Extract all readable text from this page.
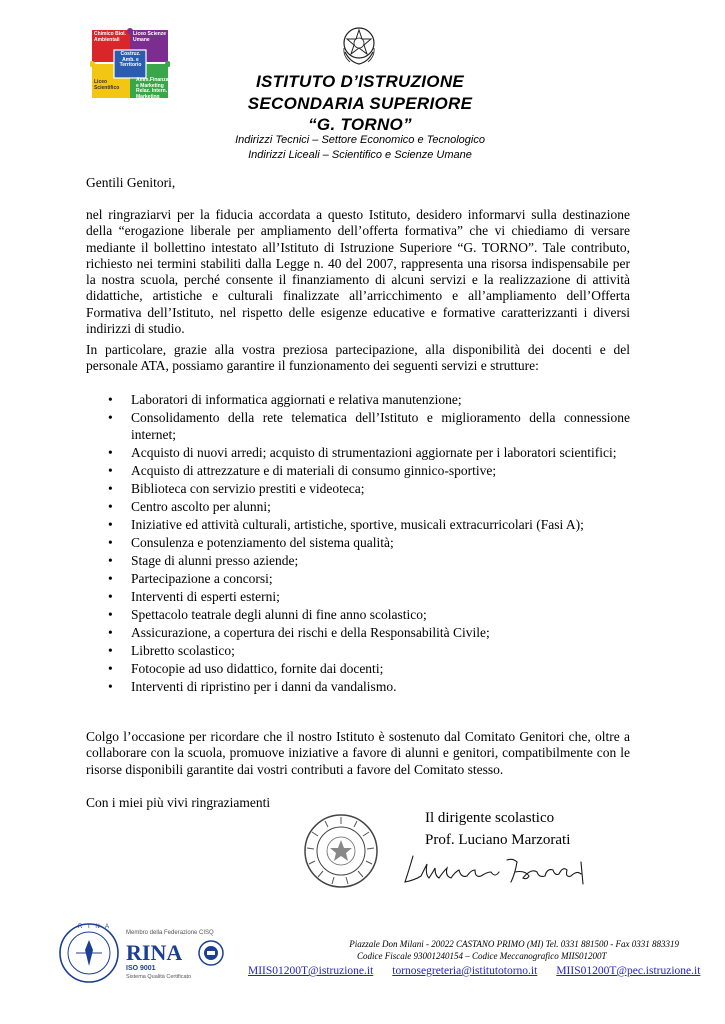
Chimico Biol. Ambientali
Liceo Scienze Umane
Costruz. Amb. e Territorio
Liceo Scientifico
Amm.Finanza e Marketing Relaz. Intern. Marketing
ISTITUTO D’ISTRUZIONE
SECONDARIA SUPERIORE
“G. TORNO”
Indirizzi Tecnici – Settore Economico e Tecnologico
Indirizzi Liceali – Scientifico e Scienze Umane
Gentili Genitori,
nel ringraziarvi per la fiducia accordata a questo Istituto, desidero informarvi sulla destinazione della “erogazione liberale per ampliamento dell’offerta formativa” che vi chiediamo di versare mediante il bollettino intestato all’Istituto di Istruzione Superiore “G. TORNO”. Tale contributo, richiesto nei termini stabiliti dalla Legge n. 40 del 2007, rappresenta una risorsa indispensabile per la nostra scuola, perché consente il finanziamento di alcuni servizi e la realizzazione di attività didattiche, artistiche e culturali finalizzate all’arricchimento e all’ampliamento dell’Offerta Formativa dell’Istituto, nel rispetto delle esigenze educative e formative caratterizzanti i diversi indirizzi di studio.
In particolare, grazie alla vostra preziosa partecipazione, alla disponibilità dei docenti e del personale ATA, possiamo garantire il funzionamento dei seguenti servizi e strutture:
• Laboratori di informatica aggiornati e relativa manutenzione;
• Consolidamento della rete telematica dell’Istituto e miglioramento della connessione internet;
• Acquisto di nuovi arredi; acquisto di strumentazioni aggiornate per i laboratori scientifici;
• Acquisto di attrezzature e di materiali di consumo ginnico-sportive;
• Biblioteca con servizio prestiti e videoteca;
• Centro ascolto per alunni;
• Iniziative ed attività culturali, artistiche, sportive, musicali extracurricolari (Fasi A);
• Consulenza e potenziamento del sistema qualità;
• Stage di alunni presso aziende;
• Partecipazione a concorsi;
• Interventi di esperti esterni;
• Spettacolo teatrale degli alunni di fine anno scolastico;
• Assicurazione, a copertura dei rischi e della Responsabilità Civile;
• Libretto scolastico;
• Fotocopie ad uso didattico, fornite dai docenti;
• Interventi di ripristino per i danni da vandalismo.
Colgo l’occasione per ricordare che il nostro Istituto è sostenuto dal Comitato Genitori che, oltre a collaborare con la scuola, promuove iniziative a favore di alunni e genitori, compatibilmente con le risorse disponibili garantite dai vostri contributi a favore del Comitato stesso.
Con i miei più vivi ringraziamenti
Il dirigente scolastico
Prof. Luciano Marzorati
R I N A
Membro della Federazione CISQ
RINA
ISO 9001
Sistema Qualità Certificato
Piazzale Don Milani - 20022 CASTANO PRIMO (MI) Tel. 0331 881500 - Fax 0331 883319
Codice Fiscale 93001240154 – Codice Meccanografico MIIS01200T
MIIS01200T@istruzione.it tornosegreteria@istitutotorno.it MIIS01200T@pec.istruzione.it
